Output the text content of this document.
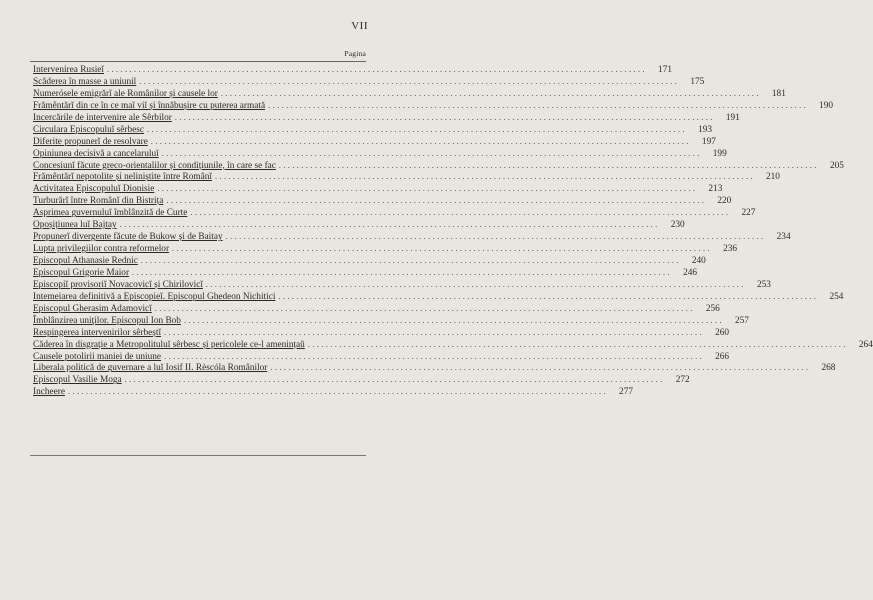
VII
Pagina
Intervenirea Rusieĭ ........................................................................................................................	171
Scăderea în masse a uniunil ........................................................................................................................	175
Numerósele emigrărĭ ale Românilor și causele lor ........................................................................................................................	181
Frămêntărĭ din ce în ce maĭ viĭ și înnăbușire cu puterea armată ........................................................................................................................	190
Incercările de intervenire ale Sêrbilor ........................................................................................................................	191
Circulara Episcopuluĭ sêrbesc ........................................................................................................................	193
Diferite propunerĭ de resolvare ........................................................................................................................	197
Opiniunea decisivă a cancelaruluĭ ........................................................................................................................	199
Concesiunĭ făcute greco-orientalilor și condițiunile, în care se fac ........................................................................................................................	205
Frămêntărĭ nepotolite și neliniștite între Românĭ ........................................................................................................................	210
Activitatea Episcopuluĭ Dionisie ........................................................................................................................	213
Turburărĭ între Românĭ din Bistrița ........................................................................................................................	220
Asprimea guvernuluĭ îmblânzită de Curte ........................................................................................................................	227
Opoșițiunea luĭ Bajtay ........................................................................................................................	230
Propunerĭ divergente făcute de Bukow și de Baitay ........................................................................................................................	234
Lupta privilegiilor contra reformelor ........................................................................................................................	236
Episcopul Athanasie Rednic ........................................................................................................................	240
Episcopul Grigorie Maior ........................................................................................................................	246
Episcopiĭ provisoriĭ Novacovicĭ și Chirilovicĭ ........................................................................................................................	253
Intemeiarea definitivă a Episcopieĭ. Episcopul Ghedeon Nichitici ........................................................................................................................	254
Episcopul Gherasim Adamovicĭ ........................................................................................................................	256
Îmblânzirea uniţilor. Episcopul Ion Bob ........................................................................................................................	257
Respingerea intervenirilor sêrbeștĭ ........................................................................................................................	260
Căderea în disgrație a Metropolituluĭ sêrbesc și pericolele ce-l amenințaŭ ........................................................................................................................	264
Causele potolirii maniei de uniune ........................................................................................................................	266
Liberala politică de guvernare a luĭ Iosif II. Rèscóla Românilor ........................................................................................................................	268
Episcopul Vasilie Moga ........................................................................................................................	272
Incheere ........................................................................................................................	277
